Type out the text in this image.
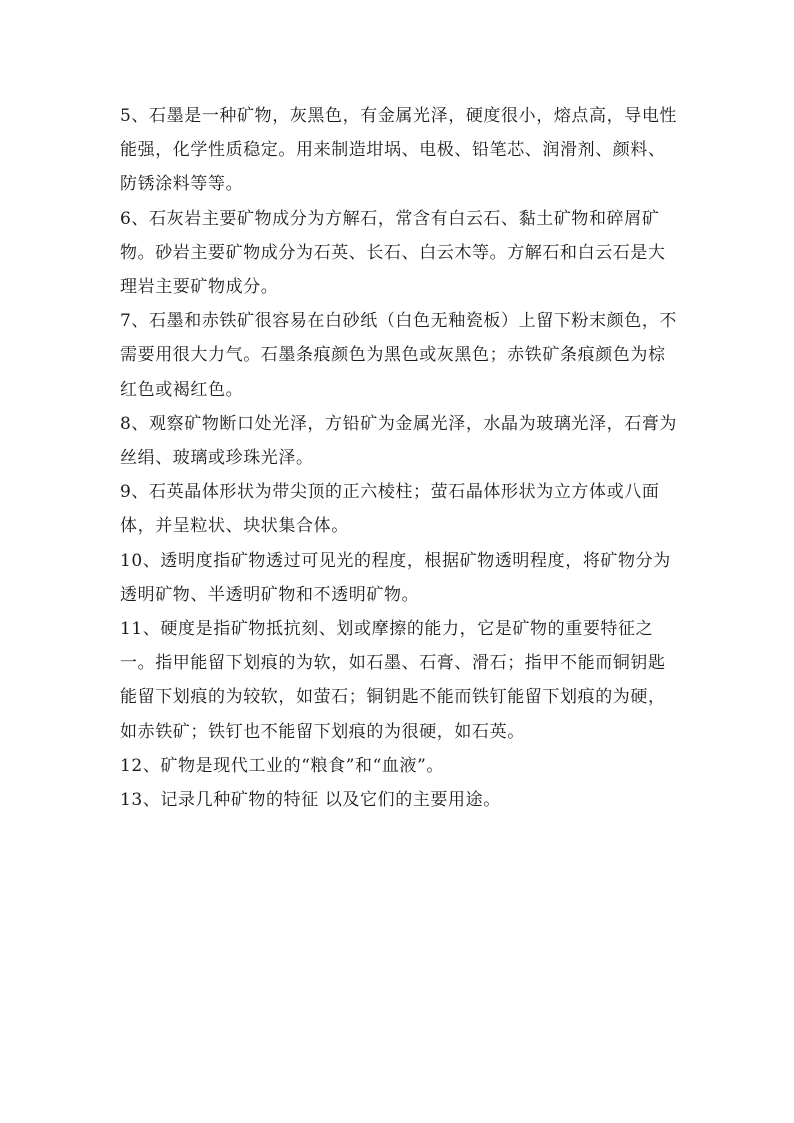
5、石墨是一种矿物，灰黑色，有金属光泽，硬度很小，熔点高，导电性能强，化学性质稳定。用来制造坩埚、电极、铅笔芯、润滑剂、颜料、防锈涂料等等。

6、石灰岩主要矿物成分为方解石，常含有白云石、黏土矿物和碎屑矿物。砂岩主要矿物成分为石英、长石、白云木等。方解石和白云石是大理岩主要矿物成分。

7、石墨和赤铁矿很容易在白砂纸（白色无釉瓷板）上留下粉末颜色，不需要用很大力气。石墨条痕颜色为黑色或灰黑色；赤铁矿条痕颜色为棕红色或褐红色。

8、观察矿物断口处光泽，方铅矿为金属光泽，水晶为玻璃光泽，石膏为丝绢、玻璃或珍珠光泽。

9、石英晶体形状为带尖顶的正六棱柱；萤石晶体形状为立方体或八面体，并呈粒状、块状集合体。

10、透明度指矿物透过可见光的程度，根据矿物透明程度，将矿物分为透明矿物、半透明矿物和不透明矿物。

11、硬度是指矿物抵抗刻、划或摩擦的能力，它是矿物的重要特征之一。指甲能留下划痕的为软，如石墨、石膏、滑石；指甲不能而铜钥匙能留下划痕的为较软，如萤石；铜钥匙不能而铁钉能留下划痕的为硬，如赤铁矿；铁钉也不能留下划痕的为很硬，如石英。

12、矿物是现代工业的“粮食”和“血液”。

13、记录几种矿物的特征 以及它们的主要用途。
